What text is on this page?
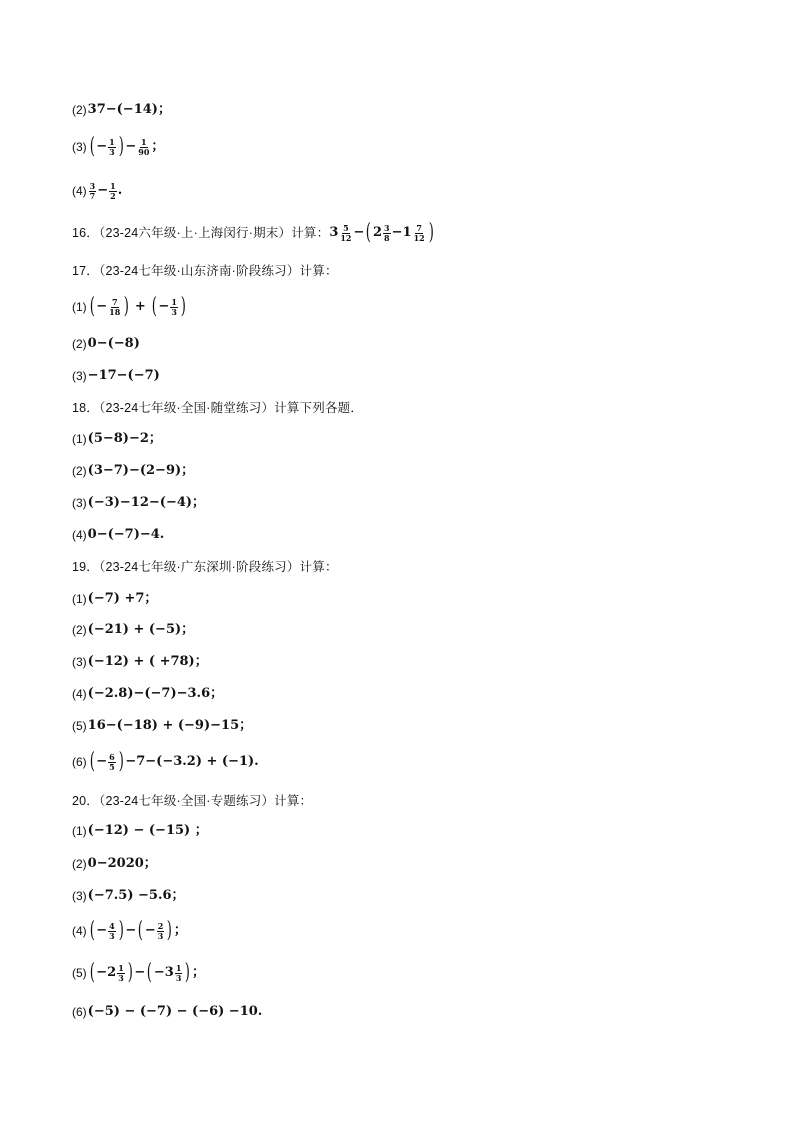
(2) 37−(−14)；
(3) ( − $\frac{1}{3}$ ) − $\frac{1}{90}$ ；
$(4) \frac{3}{7} - \frac{1}{2}$ .
16．（23-24六年级·上·上海闵行·期末）计算： $3 \frac{5}{12}$ − ( $2 \frac{3}{8} - 1 \frac{7}{12}$ )
17．（23-24七年级·山东济南·阶段练习）计算：
(1) ( − $\frac{7}{18}$ ) + ( − $\frac{1}{3}$ )
(2) 0−(−8)
(3) −17−(−7)
18．（23-24七年级·全国·随堂练习）计算下列各题．
(1) (5−8)−2；
(2) (3−7)−(2−9)；
(3) (−3)−12−(−4)；
(4) 0−(−7)−4.
19．（23-24七年级·广东深圳·阶段练习）计算：
(1) (−7) +7；
(2) (−21) + (−5)；
(3) (−12) + ( +78)；
(4) (−2.8)−(−7)−3.6；
(5) 16−(−18) + (−9)−15；
(6) ( − $\frac{6}{5}$ ) −7−(−3.2) + (−1).
20．（23-24七年级·全国·专题练习）计算：
(1) (−12) − (−15) ；
(2) 0−2020；
(3) (−7.5) −5.6；
(4) ( − $\frac{4}{3}$ ) − ( − $\frac{2}{3}$ ) ；
(5) ( − $2 \frac{1}{3}$ ) − ( − $3 \frac{1}{3}$ ) ；
(6) (−5) − (−7) − (−6) −10.
